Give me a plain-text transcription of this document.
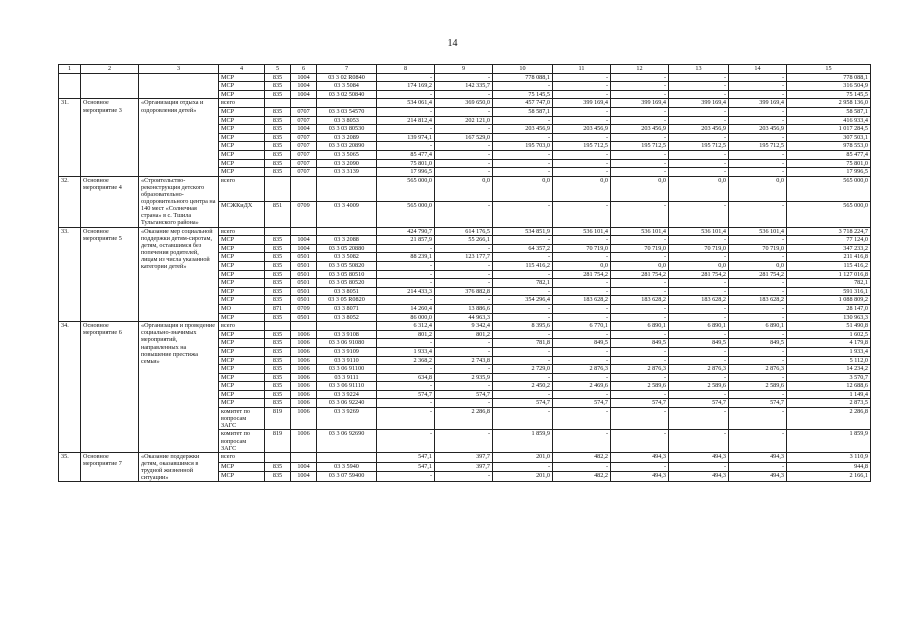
14
1	2	3	4	5	6	7	8	9	10	11	12	13	14	15
			МСР	835	1004	03 3 02 R0840	-	-	778 088,1	-	-	-	-	778 088,1
			МСР	835	1004	03 3 5084	174 169,2	142 335,7	-	-	-	-	-	316 504,9
			МСР	835	1004	03 3 02 50840	-	-	75 145,5	-	-	-	-	75 145,5
31.	Основное мероприятие 3	«Организация отдыха и оздоровления детей»	всего				534 061,4	369 650,0	457 747,0	399 169,4	399 169,4	399 169,4	399 169,4	2 958 136,0
			МСР	835	0707	03 3 03 54570	-	-	58 587,1	-	-	-	-	58 587,1
			МСР	835	0707	03 3 8053	214 812,4	202 121,0	-	-	-	-	-	416 933,4
			МСР	835	1004	03 3 03 80530	-	-	203 456,9	203 456,9	203 456,9	203 456,9	203 456,9	1 017 284,5
			МСР	835	0707	03 3 2089	139 974,1	167 529,0	-	-	-	-	-	307 503,1
			МСР	835	0707	03 3 03 20890	-	-	195 703,0	195 712,5	195 712,5	195 712,5	195 712,5	978 553,0
			МСР	835	0707	03 3 5065	85 477,4	-	-	-	-	-	-	85 477,4
			МСР	835	0707	03 3 2090	75 801,0	-	-	-	-	-	-	75 801,0
			МСР	835	0707	03 3 3139	17 996,5	-	-	-	-	-	-	17 996,5
32.	Основное мероприятие 4	«Строительство-реконструкция детского образовательно-оздоровительного центра на 140 мест «Солнечная страна» в с. Тшила Тульганского района»	всего				565 000,0	0,0	0,0	0,0	0,0	0,0	0,0	565 000,0
			МСЖКиДХ	851	0709	03 3 4009	565 000,0	-	-	-	-	-	-	565 000,0
33.	Основное мероприятие 5	«Оказание мер социальной поддержки детям-сиротам, детям, оставшимся без попечения родителей, лицам из числа указанной категории детей»	всего				424 790,7	614 176,5	534 851,9	536 101,4	536 101,4	536 101,4	536 101,4	3 718 224,7
			МСР	835	1004	03 3 2088	21 857,9	55 266,1	-	-	-	-	-	77 124,0
			МСР	835	1004	03 3 05 20880	-	-	64 357,2	70 719,0	70 719,0	70 719,0	70 719,0	347 233,2
			МСР	835	0501	03 3 5082	88 239,1	123 177,7	-	-	-	-	-	211 416,8
			МСР	835	0501	03 3 05 50820	-	-	115 416,2	0,0	0,0	0,0	0,0	115 416,2
			МСР	835	0501	03 3 05 80510	-	-	-	281 754,2	281 754,2	281 754,2	281 754,2	1 127 016,8
			МСР	835	0501	03 3 05 80520	-	-	782,1	-	-	-	-	782,1
			МСР	835	0501	03 3 8051	214 433,3	376 882,8	-	-	-	-	-	591 316,1
			МСР	835	0501	03 3 05 R0820	-	-	354 296,4	183 628,2	183 628,2	183 628,2	183 628,2	1 088 809,2
			МО	871	0709	03 3 8071	14 260,4	13 886,6	-	-	-	-	-	28 147,0
			МСР	835	0501	03 3 8052	86 000,0	44 963,3	-	-	-	-	-	130 963,3
34.	Основное мероприятие 6	«Организация и проведение социально-значимых мероприятий, направленных на повышение престижа семьи»	всего				6 312,4	9 342,4	8 395,6	6 770,1	6 890,1	6 890,1	6 890,1	51 490,8
			МСР	835	1006	03 3 9108	801,2	801,2	-	-	-	-	-	1 602,5
			МСР	835	1006	03 3 06 91080	-	-	781,8	849,5	849,5	849,5	849,5	4 179,8
			МСР	835	1006	03 3 9109	1 933,4	-	-	-	-	-	-	1 933,4
			МСР	835	1006	03 3 9110	2 368,2	2 743,8	-	-	-	-	-	5 112,0
			МСР	835	1006	03 3 06 91100	-	-	2 729,0	2 876,3	2 876,3	2 876,3	2 876,3	14 234,2
			МСР	835	1006	03 3 9111	634,8	2 935,9	-	-	-	-	-	3 570,7
			МСР	835	1006	03 3 06 91110	-	-	2 450,2	2 469,6	2 589,6	2 589,6	2 589,6	12 688,6
			МСР	835	1006	03 3 9224	574,7	574,7	-	-	-	-	-	1 149,4
			МСР	835	1006	03 3 06 92240	-	-	574,7	574,7	574,7	574,7	574,7	2 873,5
			комитет по вопросам ЗАГС	819	1006	03 3 9269	-	2 286,8	-	-	-	-	-	2 286,8
			комитет по вопросам ЗАГС	819	1006	03 3 06 92690	-	-	1 859,9	-	-	-	-	1 859,9
35.	Основное мероприятие 7	«Оказание поддержки детям, оказавшимся в трудной жизненной ситуации»	всего				547,1	397,7	201,0	482,2	494,3	494,3	494,3	3 110,9
			МСР	835	1004	03 3 5940	547,1	397,7	-	-	-	-	-	944,8
			МСР	835	1004	03 3 07 59400	-	-	201,0	482,2	494,3	494,3	494,3	2 166,1
